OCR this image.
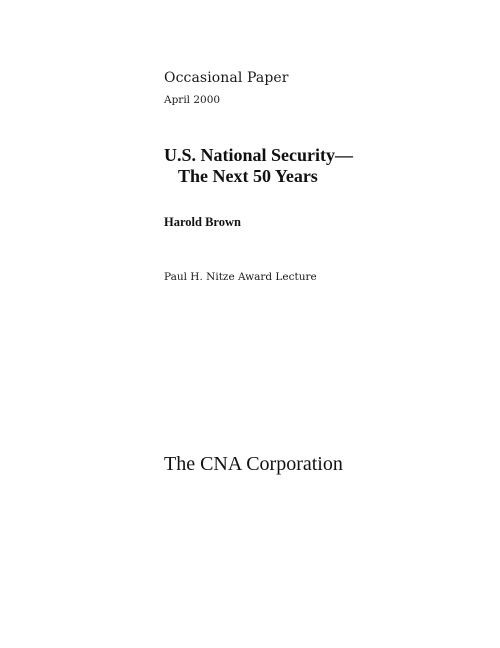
Occasional Paper
April 2000
U.S. National Security—
The Next 50 Years
Harold Brown
Paul H. Nitze Award Lecture
The CNA Corporation
